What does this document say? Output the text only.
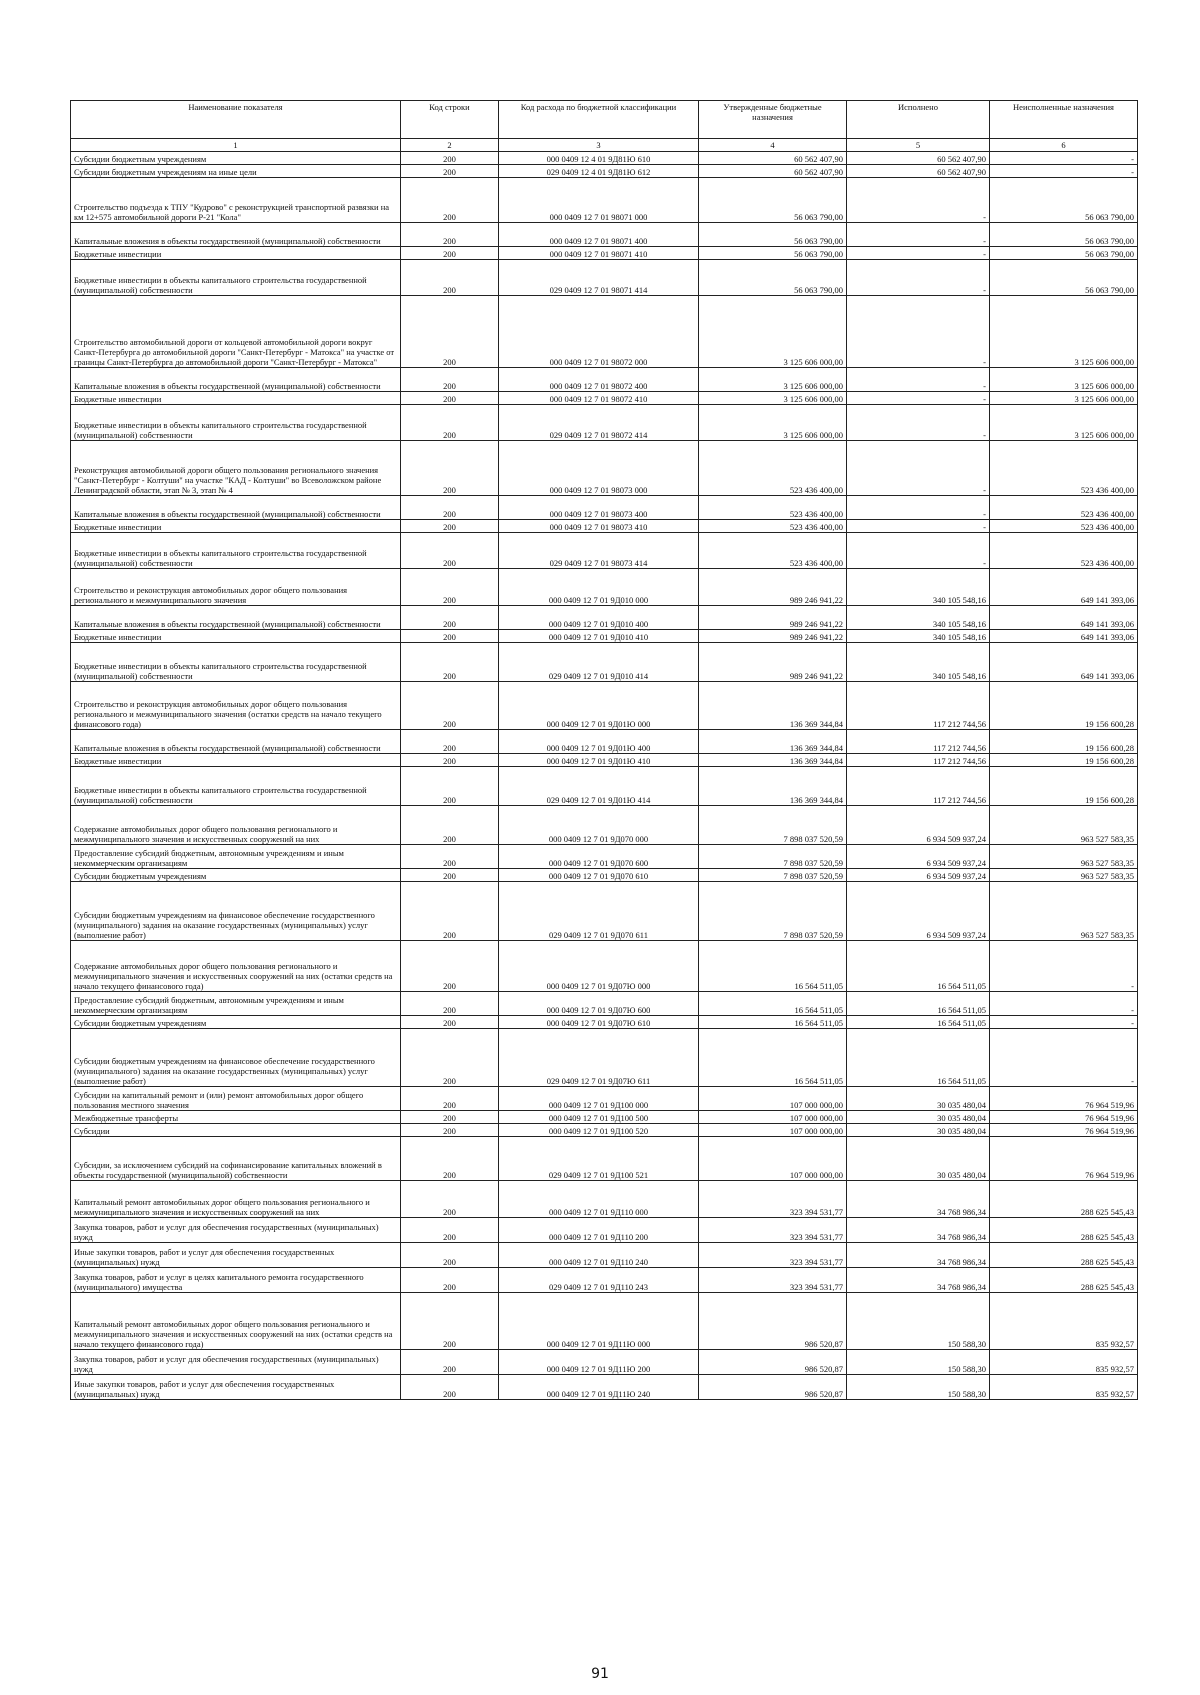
Наименование показателя	Код строки	Код расхода по бюджетной классификации	Утвержденные бюджетные назначения	Исполнено	Неисполненные назначения
1	2	3	4	5	6
Субсидии бюджетным учреждениям	200	000 0409 12 4 01 9Д81Ю 610	60 562 407,90	60 562 407,90	-
Субсидии бюджетным учреждениям на иные цели	200	029 0409 12 4 01 9Д81Ю 612	60 562 407,90	60 562 407,90	-
Строительство подъезда к ТПУ "Кудрово" с реконструкцией транспортной развязки на км 12+575 автомобильной дороги Р-21 "Кола"	200	000 0409 12 7 01 98071 000	56 063 790,00	-	56 063 790,00
Капитальные вложения в объекты государственной (муниципальной) собственности	200	000 0409 12 7 01 98071 400	56 063 790,00	-	56 063 790,00
Бюджетные инвестиции	200	000 0409 12 7 01 98071 410	56 063 790,00	-	56 063 790,00
Бюджетные инвестиции в объекты капитального строительства государственной (муниципальной) собственности	200	029 0409 12 7 01 98071 414	56 063 790,00	-	56 063 790,00
Строительство автомобильной дороги от кольцевой автомобильной дороги вокруг Санкт-Петербурга до автомобильной дороги "Санкт-Петербург - Матокса" на участке от границы Санкт-Петербурга до автомобильной дороги "Санкт-Петербург - Матокса"	200	000 0409 12 7 01 98072 000	3 125 606 000,00	-	3 125 606 000,00
Капитальные вложения в объекты государственной (муниципальной) собственности	200	000 0409 12 7 01 98072 400	3 125 606 000,00	-	3 125 606 000,00
Бюджетные инвестиции	200	000 0409 12 7 01 98072 410	3 125 606 000,00	-	3 125 606 000,00
Бюджетные инвестиции в объекты капитального строительства государственной (муниципальной) собственности	200	029 0409 12 7 01 98072 414	3 125 606 000,00	-	3 125 606 000,00
Реконструкция автомобильной дороги общего пользования регионального значения "Санкт-Петербург - Колтуши" на участке "КАД - Колтуши" во Всеволожском районе Ленинградской области, этап № 3, этап № 4	200	000 0409 12 7 01 98073 000	523 436 400,00	-	523 436 400,00
Капитальные вложения в объекты государственной (муниципальной) собственности	200	000 0409 12 7 01 98073 400	523 436 400,00	-	523 436 400,00
Бюджетные инвестиции	200	000 0409 12 7 01 98073 410	523 436 400,00	-	523 436 400,00
Бюджетные инвестиции в объекты капитального строительства государственной (муниципальной) собственности	200	029 0409 12 7 01 98073 414	523 436 400,00	-	523 436 400,00
Строительство и реконструкция автомобильных дорог общего пользования регионального и межмуниципального значения	200	000 0409 12 7 01 9Д010 000	989 246 941,22	340 105 548,16	649 141 393,06
Капитальные вложения в объекты государственной (муниципальной) собственности	200	000 0409 12 7 01 9Д010 400	989 246 941,22	340 105 548,16	649 141 393,06
Бюджетные инвестиции	200	000 0409 12 7 01 9Д010 410	989 246 941,22	340 105 548,16	649 141 393,06
Бюджетные инвестиции в объекты капитального строительства государственной (муниципальной) собственности	200	029 0409 12 7 01 9Д010 414	989 246 941,22	340 105 548,16	649 141 393,06
Строительство и реконструкция автомобильных дорог общего пользования регионального и межмуниципального значения (остатки средств на начало текущего финансового года)	200	000 0409 12 7 01 9Д01Ю 000	136 369 344,84	117 212 744,56	19 156 600,28
Капитальные вложения в объекты государственной (муниципальной) собственности	200	000 0409 12 7 01 9Д01Ю 400	136 369 344,84	117 212 744,56	19 156 600,28
Бюджетные инвестиции	200	000 0409 12 7 01 9Д01Ю 410	136 369 344,84	117 212 744,56	19 156 600,28
Бюджетные инвестиции в объекты капитального строительства государственной (муниципальной) собственности	200	029 0409 12 7 01 9Д01Ю 414	136 369 344,84	117 212 744,56	19 156 600,28
Содержание автомобильных дорог общего пользования регионального и межмуниципального значения и искусственных сооружений на них	200	000 0409 12 7 01 9Д070 000	7 898 037 520,59	6 934 509 937,24	963 527 583,35
Предоставление субсидий бюджетным, автономным учреждениям и иным некоммерческим организациям	200	000 0409 12 7 01 9Д070 600	7 898 037 520,59	6 934 509 937,24	963 527 583,35
Субсидии бюджетным учреждениям	200	000 0409 12 7 01 9Д070 610	7 898 037 520,59	6 934 509 937,24	963 527 583,35
Субсидии бюджетным учреждениям на финансовое обеспечение государственного (муниципального) задания на оказание государственных (муниципальных) услуг (выполнение работ)	200	029 0409 12 7 01 9Д070 611	7 898 037 520,59	6 934 509 937,24	963 527 583,35
Содержание автомобильных дорог общего пользования регионального и межмуниципального значения и искусственных сооружений на них (остатки средств на начало текущего финансового года)	200	000 0409 12 7 01 9Д07Ю 000	16 564 511,05	16 564 511,05	-
Предоставление субсидий бюджетным, автономным учреждениям и иным некоммерческим организациям	200	000 0409 12 7 01 9Д07Ю 600	16 564 511,05	16 564 511,05	-
Субсидии бюджетным учреждениям	200	000 0409 12 7 01 9Д07Ю 610	16 564 511,05	16 564 511,05	-
Субсидии бюджетным учреждениям на финансовое обеспечение государственного (муниципального) задания на оказание государственных (муниципальных) услуг (выполнение работ)	200	029 0409 12 7 01 9Д07Ю 611	16 564 511,05	16 564 511,05	-
Субсидии на капитальный ремонт и (или) ремонт автомобильных дорог общего пользования местного значения	200	000 0409 12 7 01 9Д100 000	107 000 000,00	30 035 480,04	76 964 519,96
Межбюджетные трансферты	200	000 0409 12 7 01 9Д100 500	107 000 000,00	30 035 480,04	76 964 519,96
Субсидии	200	000 0409 12 7 01 9Д100 520	107 000 000,00	30 035 480,04	76 964 519,96
Субсидии, за исключением субсидий на софинансирование капитальных вложений в объекты государственной (муниципальной) собственности	200	029 0409 12 7 01 9Д100 521	107 000 000,00	30 035 480,04	76 964 519,96
Капитальный ремонт автомобильных дорог общего пользования регионального и межмуниципального значения и искусственных сооружений на них	200	000 0409 12 7 01 9Д110 000	323 394 531,77	34 768 986,34	288 625 545,43
Закупка товаров, работ и услуг для обеспечения государственных (муниципальных) нужд	200	000 0409 12 7 01 9Д110 200	323 394 531,77	34 768 986,34	288 625 545,43
Иные закупки товаров, работ и услуг для обеспечения государственных (муниципальных) нужд	200	000 0409 12 7 01 9Д110 240	323 394 531,77	34 768 986,34	288 625 545,43
Закупка товаров, работ и услуг в целях капитального ремонта государственного (муниципального) имущества	200	029 0409 12 7 01 9Д110 243	323 394 531,77	34 768 986,34	288 625 545,43
Капитальный ремонт автомобильных дорог общего пользования регионального и межмуниципального значения и искусственных сооружений на них (остатки средств на начало текущего финансового года)	200	000 0409 12 7 01 9Д11Ю 000	986 520,87	150 588,30	835 932,57
Закупка товаров, работ и услуг для обеспечения государственных (муниципальных) нужд	200	000 0409 12 7 01 9Д11Ю 200	986 520,87	150 588,30	835 932,57
Иные закупки товаров, работ и услуг для обеспечения государственных (муниципальных) нужд	200	000 0409 12 7 01 9Д11Ю 240	986 520,87	150 588,30	835 932,57
91
